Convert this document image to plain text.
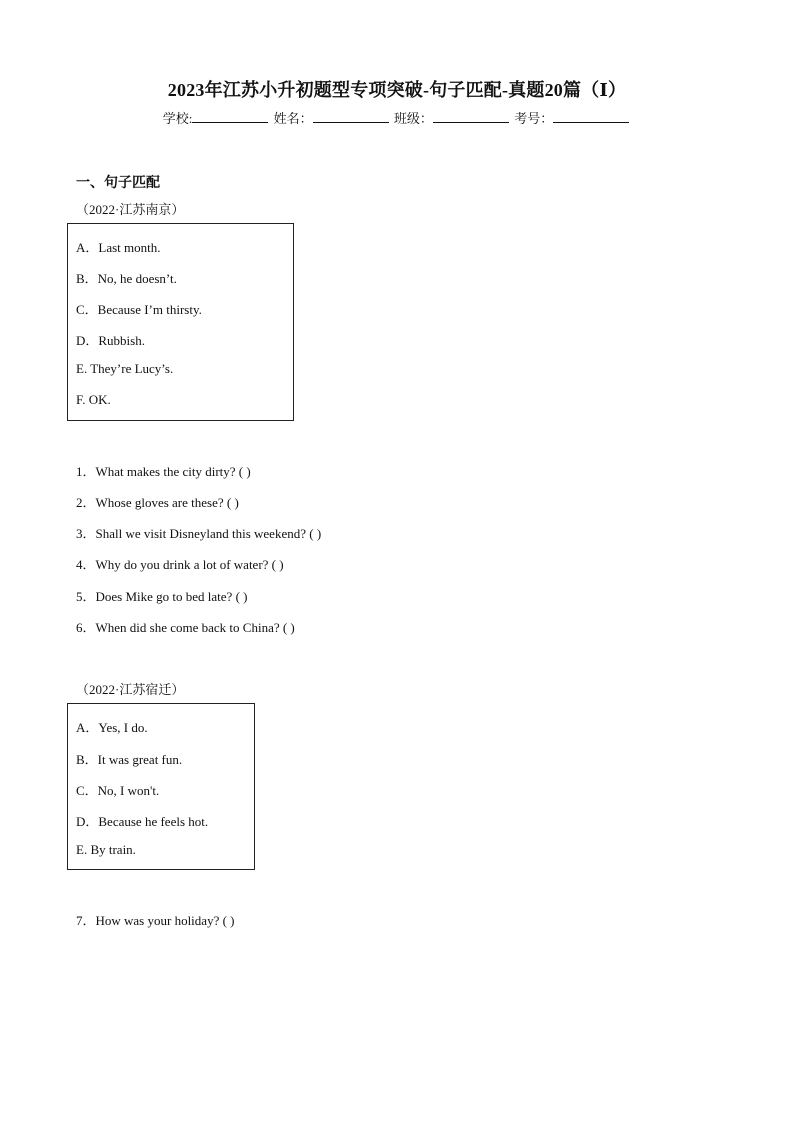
2023年江苏小升初题型专项突破-句子匹配-真题20篇（Ⅰ）
学校:	姓名：	班级：	考号：
一、句子匹配
（2022·江苏南京）
A．Last month.
B．No, he doesn’t.
C．Because I’m thirsty.
D．Rubbish.
E. They’re Lucy’s.
F. OK.
1．What makes the city dirty? ( )
2．Whose gloves are these? ( )
3．Shall we visit Disneyland this weekend? ( )
4．Why do you drink a lot of water? ( )
5．Does Mike go to bed late? ( )
6．When did she come back to China? ( )
（2022·江苏宿迁）
A．Yes, I do.
B．It was great fun.
C．No, I won't.
D．Because he feels hot.
E. By train.
7．How was your holiday? ( )
